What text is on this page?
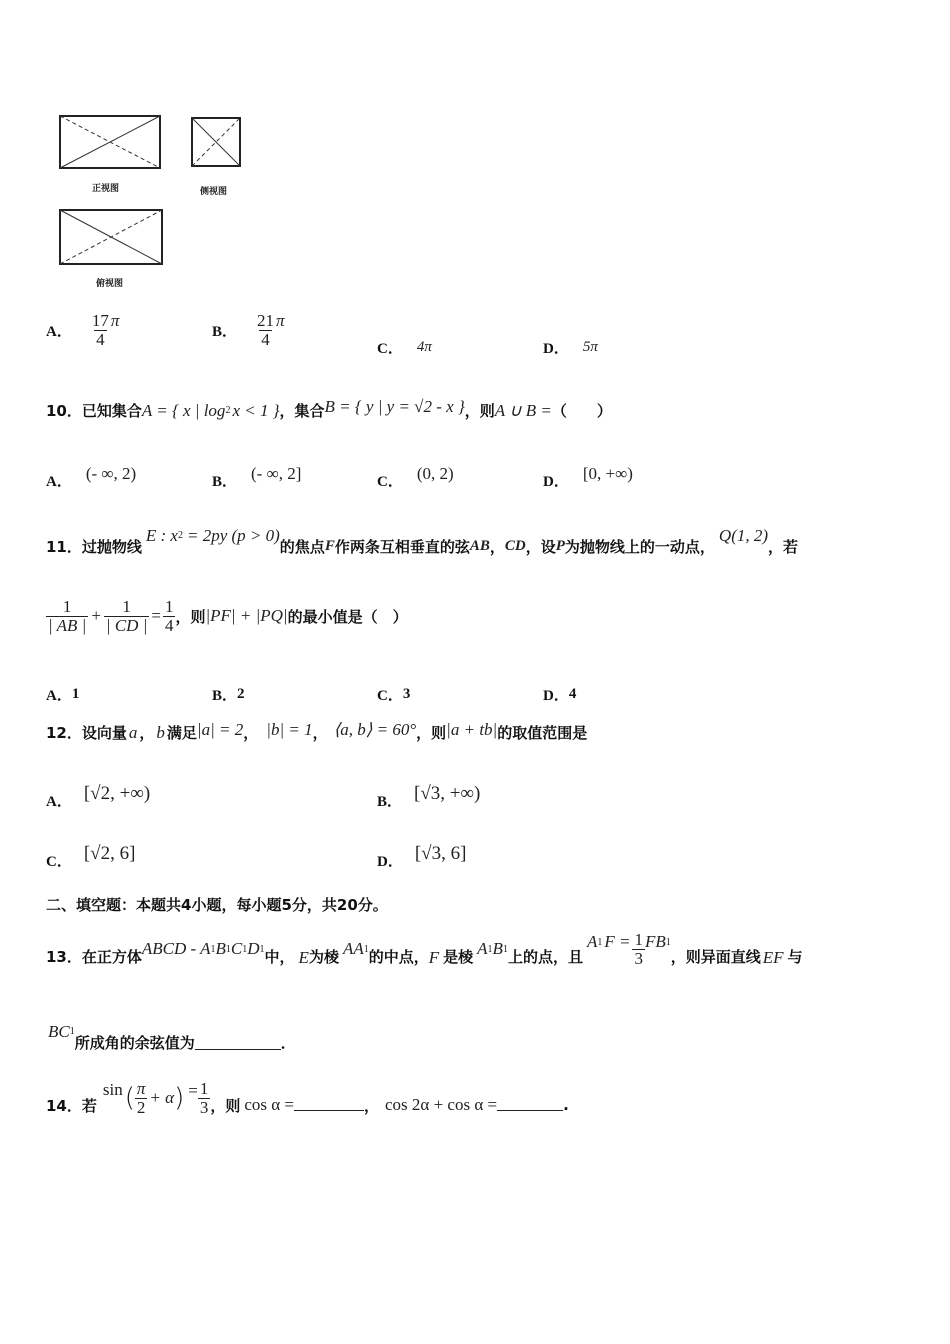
正视图	侧视图
俯视图
A． $\frac{17}{4}$ π
B． $\frac{21}{4}$ π
C． 4π	D． 5π
10． 已知集合 A = { x | log 2 x < 1 } ，集合 B = { y | y = √2 - x } ，则 A ∪ B = （　　）
A． (- ∞, 2)	B． (- ∞, 2]	C． (0, 2)	D． [0, +∞)
11． 过抛物线
E : x 2 = 2py (p > 0)
的焦点 F 作两条互相垂直的弦 AB ， CD ，设 P 为抛物线上的一动点，
Q(1, 2)
，若
$\frac{1}{| AB |} + \frac{1}{| CD |} = \frac{1}{4}$ ，则 |PF| + |PQ| 的最小值是（　）
A． 1	B． 2	C． 3	D． 4
12． 设向量 a ， b 满足 |a| = 2 ， |b| = 1 ， ⟨a, b⟩ = 60° ，则 |a + tb| 的取值范围是
A． [√2, +∞)	B． [√3, +∞)
C． [√2, 6]	D． [√3, 6]
二、填空题：本题共4小题，每小题5分，共20分。
13． 在正方体 ABCD - A 1 B 1 C 1 D 1 中， E 为棱 AA 1 的中点， F 是棱 A 1 B 1 上的点，且
A 1 $F = \frac{1}{3}$ FB 1
，则异面直线 EF 与
BC 1
所成角的余弦值为	．
14． 若
sin ( $\frac{\pi}{2} + \alpha$ ) = $\frac{1}{3}$ ，则 cos α =	， cos 2α + cos α =	.
